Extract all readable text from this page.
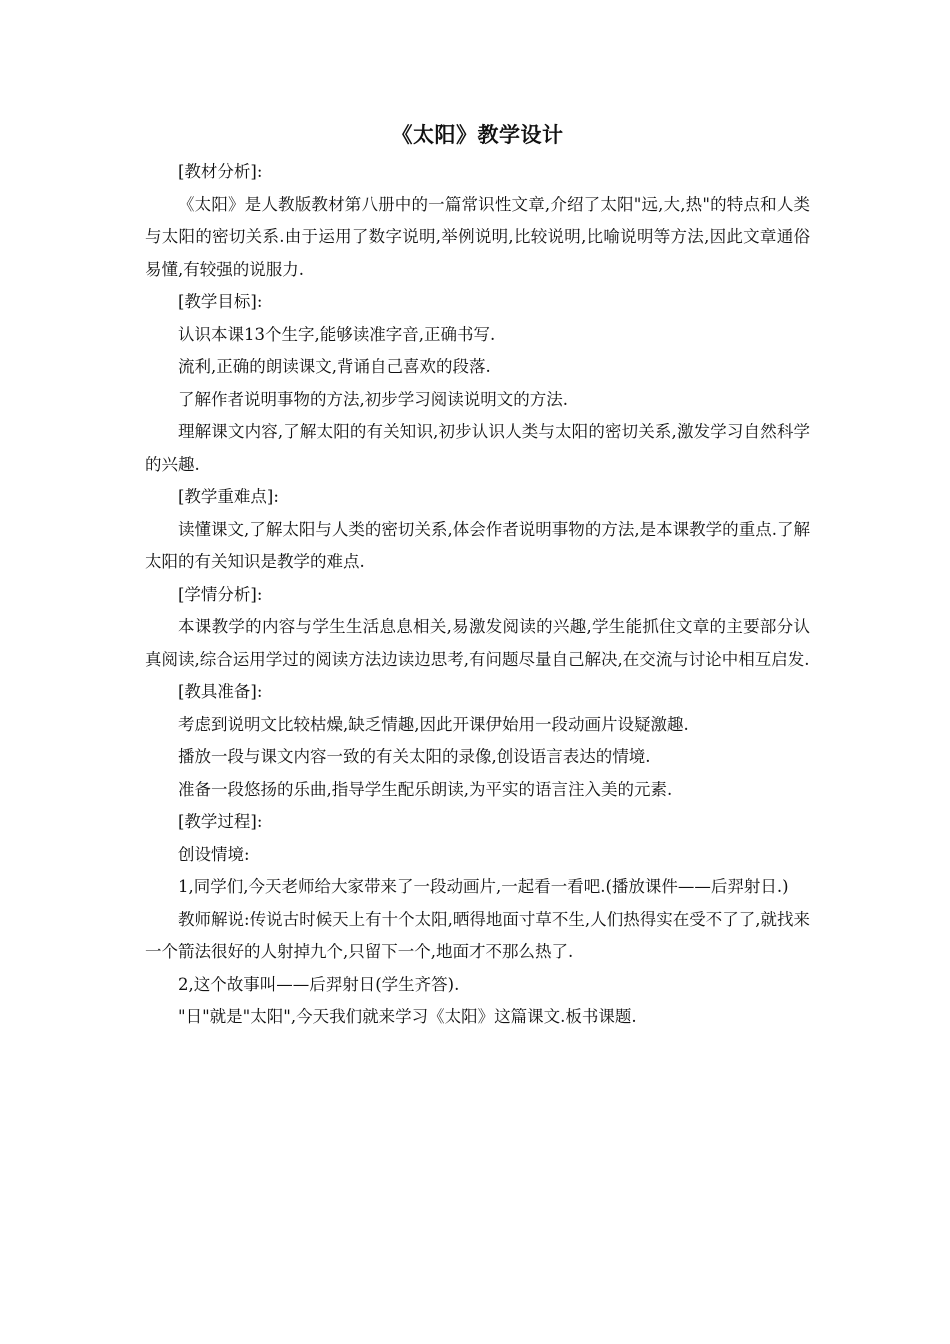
《太阳》教学设计

[教材分析]:

《太阳》是人教版教材第八册中的一篇常识性文章,介绍了太阳"远,大,热"的特点和人类与太阳的密切关系.由于运用了数字说明,举例说明,比较说明,比喻说明等方法,因此文章通俗易懂,有较强的说服力.

[教学目标]:

认识本课13个生字,能够读准字音,正确书写.

流利,正确的朗读课文,背诵自己喜欢的段落.

了解作者说明事物的方法,初步学习阅读说明文的方法.

理解课文内容,了解太阳的有关知识,初步认识人类与太阳的密切关系,激发学习自然科学的兴趣.

[教学重难点]:

读懂课文,了解太阳与人类的密切关系,体会作者说明事物的方法,是本课教学的重点.了解太阳的有关知识是教学的难点.

[学情分析]:

本课教学的内容与学生生活息息相关,易激发阅读的兴趣,学生能抓住文章的主要部分认真阅读,综合运用学过的阅读方法边读边思考,有问题尽量自己解决,在交流与讨论中相互启发.

[教具准备]:

考虑到说明文比较枯燥,缺乏情趣,因此开课伊始用一段动画片设疑激趣.

播放一段与课文内容一致的有关太阳的录像,创设语言表达的情境.

准备一段悠扬的乐曲,指导学生配乐朗读,为平实的语言注入美的元素.

[教学过程]:

创设情境:

1,同学们,今天老师给大家带来了一段动画片,一起看一看吧.(播放课件——后羿射日.)

教师解说:传说古时候天上有十个太阳,晒得地面寸草不生,人们热得实在受不了了,就找来一个箭法很好的人射掉九个,只留下一个,地面才不那么热了.

2,这个故事叫——后羿射日(学生齐答).

"日"就是"太阳",今天我们就来学习《太阳》这篇课文.板书课题.
